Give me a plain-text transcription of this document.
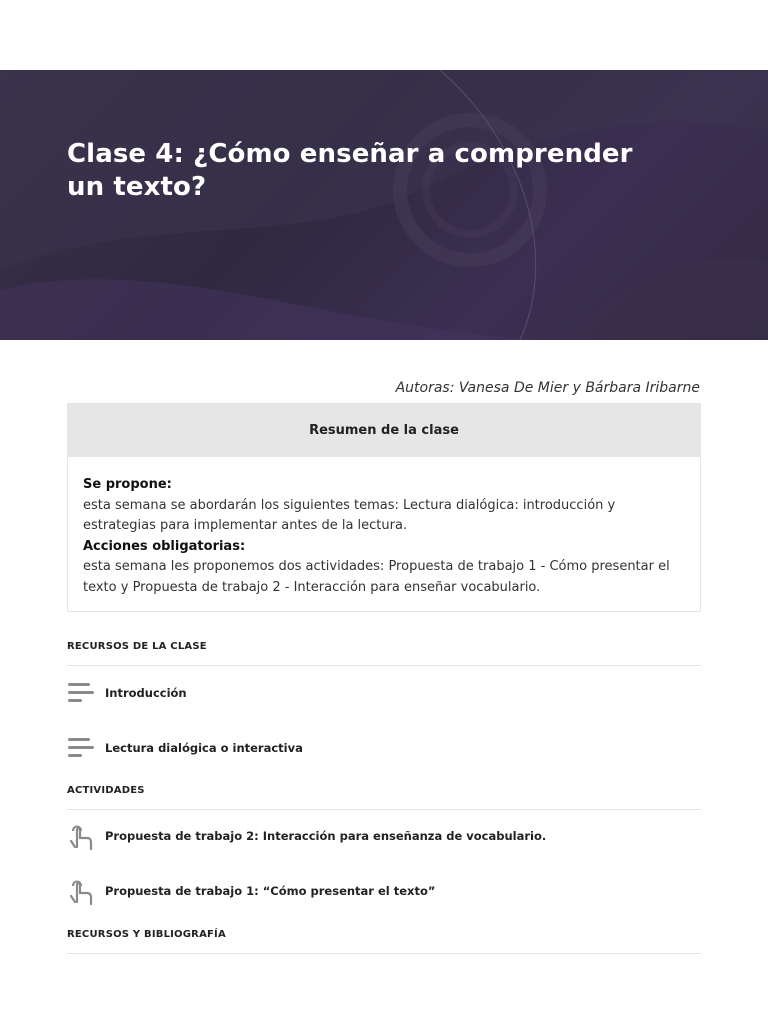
Clase 4: ¿Cómo enseñar a comprender un texto?
Autoras: Vanesa De Mier y Bárbara Iribarne
Resumen de la clase
Se propone:
esta semana se abordarán los siguientes temas: Lectura dialógica: introducción y estrategias para implementar antes de la lectura.
Acciones obligatorias:
esta semana les proponemos dos actividades: Propuesta de trabajo 1 - Cómo presentar el texto y Propuesta de trabajo 2 - Interacción para enseñar vocabulario.
RECURSOS DE LA CLASE
Introducción
Lectura dialógica o interactiva
ACTIVIDADES
Propuesta de trabajo 2: Interacción para enseñanza de vocabulario.
Propuesta de trabajo 1: “Cómo presentar el texto”
RECURSOS Y BIBLIOGRAFÍA
